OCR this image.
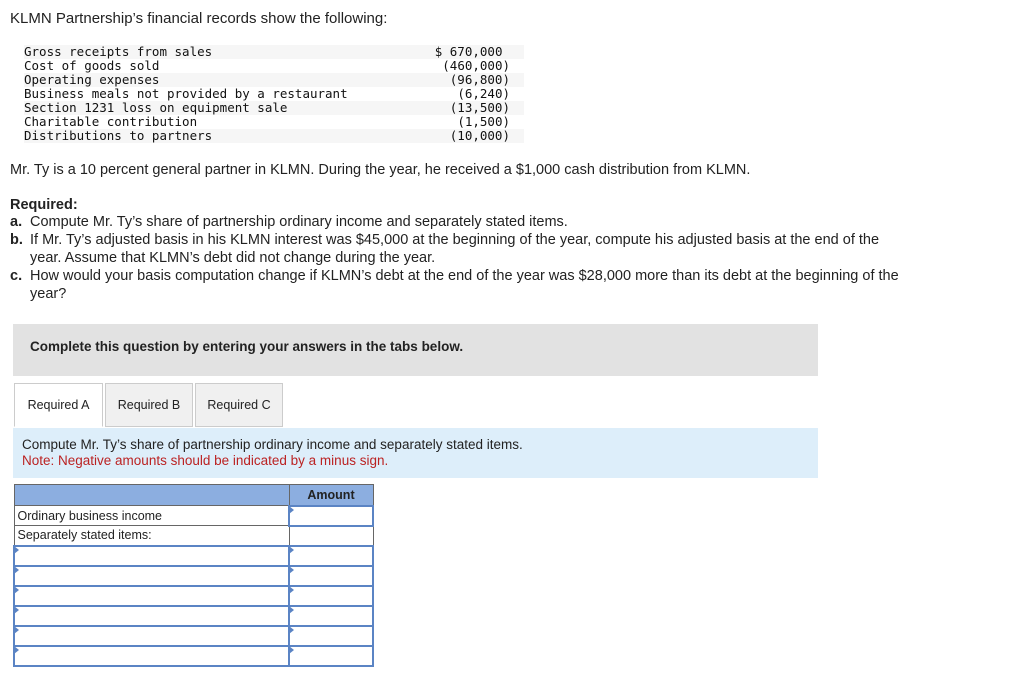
KLMN Partnership’s financial records show the following:
Gross receipts from sales	$ 670,000
Cost of goods sold	(460,000)
Operating expenses	(96,800)
Business meals not provided by a restaurant	(6,240)
Section 1231 loss on equipment sale	(13,500)
Charitable contribution	(1,500)
Distributions to partners	(10,000)
Mr. Ty is a 10 percent general partner in KLMN. During the year, he received a $1,000 cash distribution from KLMN.
Required:
a. Compute Mr. Ty’s share of partnership ordinary income and separately stated items.
b. If Mr. Ty’s adjusted basis in his KLMN interest was $45,000 at the beginning of the year, compute his adjusted basis at the end of the year. Assume that KLMN’s debt did not change during the year.
c. How would your basis computation change if KLMN’s debt at the end of the year was $28,000 more than its debt at the beginning of the year?
Complete this question by entering your answers in the tabs below.
Required A	Required B	Required C
Compute Mr. Ty’s share of partnership ordinary income and separately stated items.
Note: Negative amounts should be indicated by a minus sign.
	Amount
Ordinary business income	
Separately stated items:	
